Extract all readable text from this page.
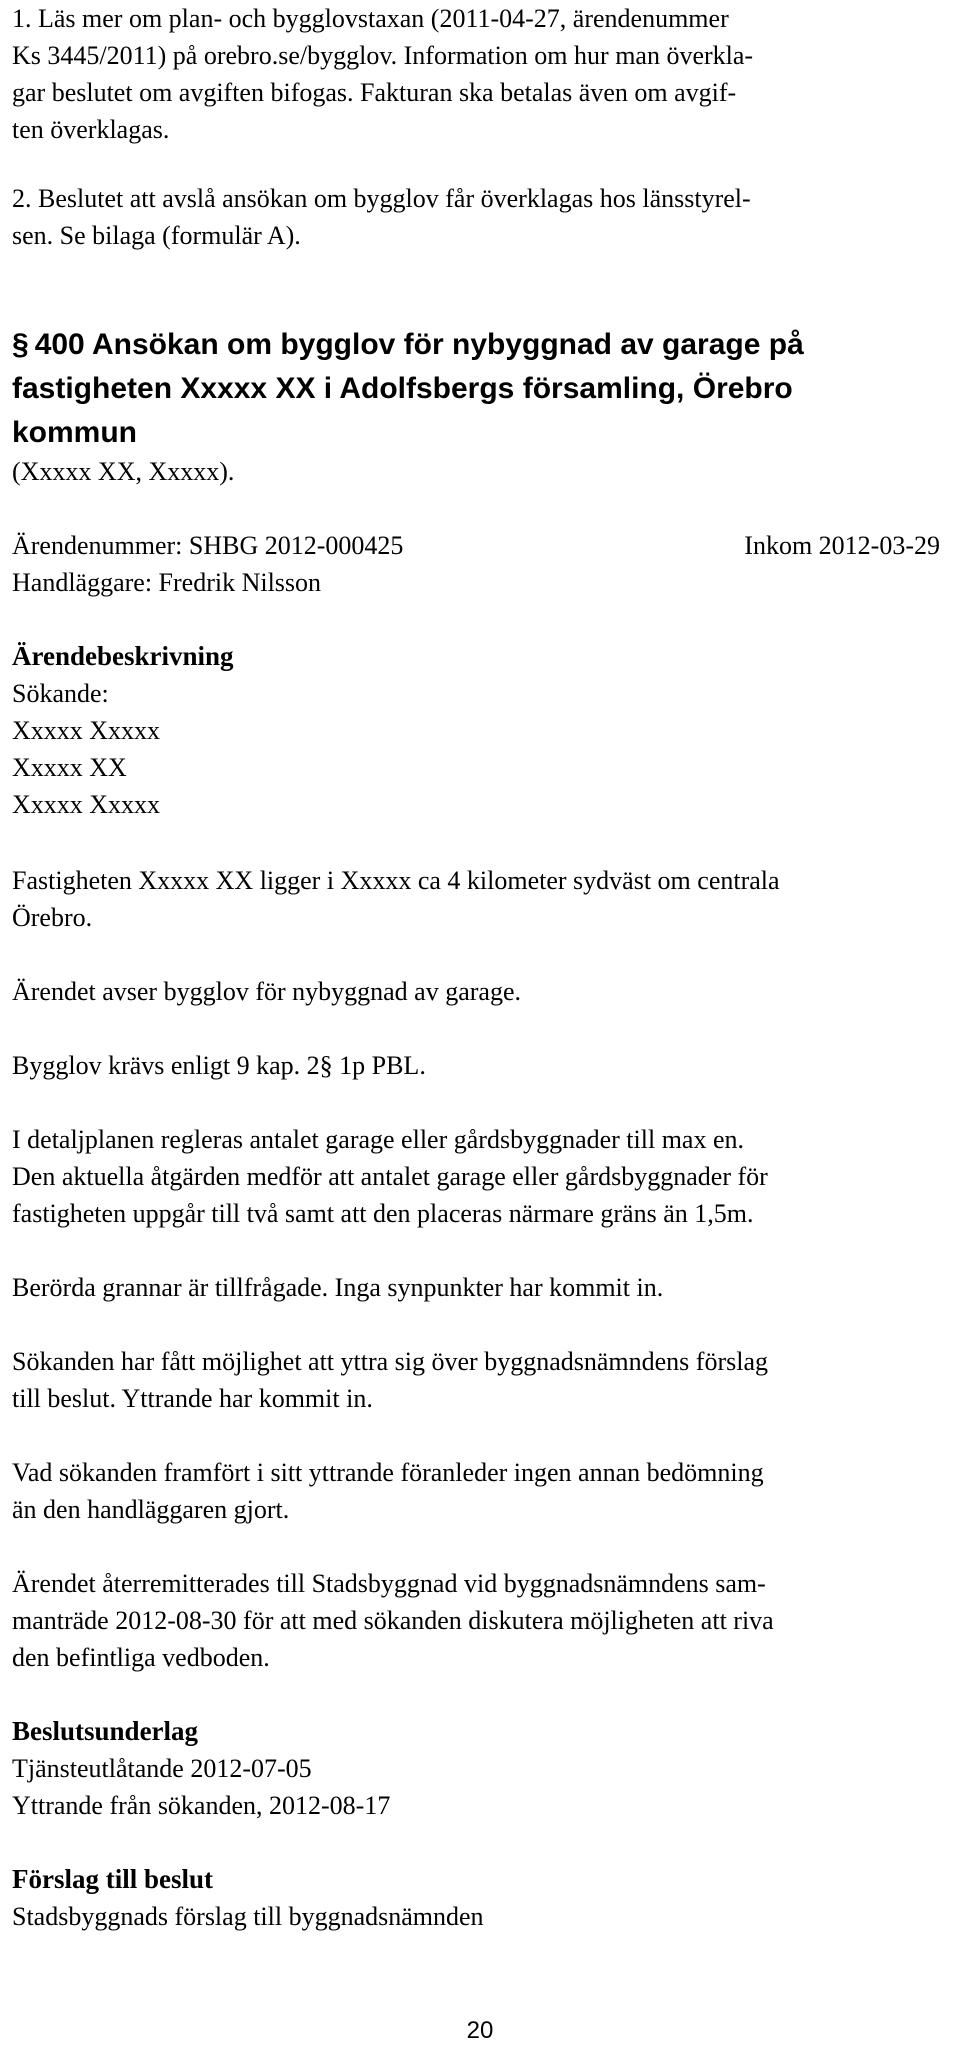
1. Läs mer om plan- och bygglovstaxan (2011-04-27, ärendenummer

Ks 3445/2011) på orebro.se/bygglov. Information om hur man överkla-

gar beslutet om avgiften bifogas. Fakturan ska betalas även om avgif-

ten överklagas.

2. Beslutet att avslå ansökan om bygglov får överklagas hos länsstyrel-

sen. Se bilaga (formulär A).

§ 400 Ansökan om bygglov för nybyggnad av garage på

fastigheten Xxxxx XX i Adolfsbergs församling, Örebro

kommun

(Xxxxx XX, Xxxxx).

Ärendenummer: SHBG 2012-000425	Inkom 2012-03-29

Handläggare: Fredrik Nilsson

Ärendebeskrivning

Sökande:

Xxxxx Xxxxx

Xxxxx XX

Xxxxx Xxxxx

Fastigheten Xxxxx XX ligger i Xxxxx ca 4 kilometer sydväst om centrala

Örebro.

Ärendet avser bygglov för nybyggnad av garage.

Bygglov krävs enligt 9 kap. 2§ 1p PBL.

I detaljplanen regleras antalet garage eller gårdsbyggnader till max en.

Den aktuella åtgärden medför att antalet garage eller gårdsbyggnader för

fastigheten uppgår till två samt att den placeras närmare gräns än 1,5m.

Berörda grannar är tillfrågade. Inga synpunkter har kommit in.

Sökanden har fått möjlighet att yttra sig över byggnadsnämndens förslag

till beslut. Yttrande har kommit in.

Vad sökanden framfört i sitt yttrande föranleder ingen annan bedömning

än den handläggaren gjort.

Ärendet återremitterades till Stadsbyggnad vid byggnadsnämndens sam-

manträde 2012-08-30 för att med sökanden diskutera möjligheten att riva

den befintliga vedboden.

Beslutsunderlag

Tjänsteutlåtande 2012-07-05

Yttrande från sökanden, 2012-08-17

Förslag till beslut

Stadsbyggnads förslag till byggnadsnämnden

20
